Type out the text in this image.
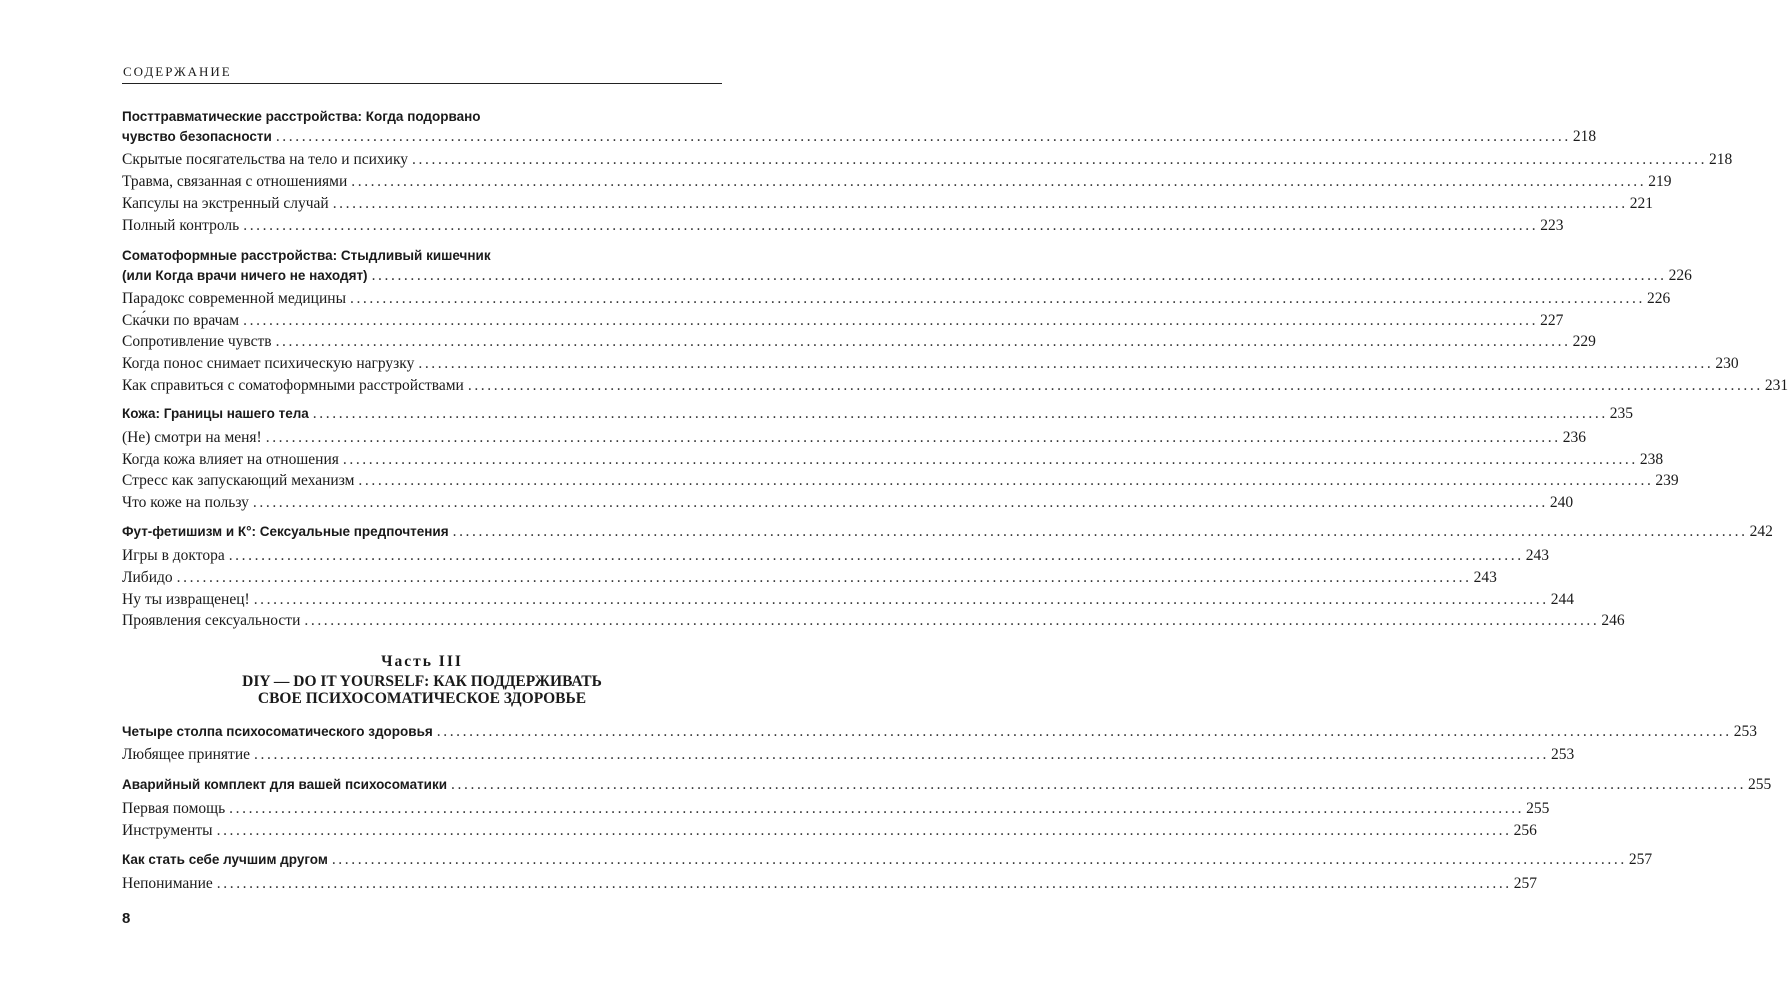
СОДЕРЖАНИЕ
Посттравматические расстройства: Когда подорвано
чувство безопасности ........................................................................................................................................................................................................ 218
Скрытые посягательства на тело и психику ........................................................................................................................................................................................................ 218
Травма, связанная с отношениями ........................................................................................................................................................................................................ 219
Капсулы на экстренный случай ........................................................................................................................................................................................................ 221
Полный контроль ........................................................................................................................................................................................................ 223
Соматоформные расстройства: Стыдливый кишечник
(или Когда врачи ничего не находят) ........................................................................................................................................................................................................ 226
Парадокс современной медицины ........................................................................................................................................................................................................ 226
Ска́чки по врачам ........................................................................................................................................................................................................ 227
Сопротивление чувств ........................................................................................................................................................................................................ 229
Когда понос снимает психическую нагрузку ........................................................................................................................................................................................................ 230
Как справиться с соматоформными расстройствами ........................................................................................................................................................................................................ 231
Кожа: Границы нашего тела ........................................................................................................................................................................................................ 235
(Не) смотри на меня! ........................................................................................................................................................................................................ 236
Когда кожа влияет на отношения ........................................................................................................................................................................................................ 238
Стресс как запускающий механизм ........................................................................................................................................................................................................ 239
Что коже на пользу ........................................................................................................................................................................................................ 240
Фут-фетишизм и К°: Сексуальные предпочтения ........................................................................................................................................................................................................ 242
Игры в доктора ........................................................................................................................................................................................................ 243
Либидо ........................................................................................................................................................................................................ 243
Ну ты извращенец! ........................................................................................................................................................................................................ 244
Проявления сексуальности ........................................................................................................................................................................................................ 246
Четыре столпа психосоматического здоровья ........................................................................................................................................................................................................ 253
Любящее принятие ........................................................................................................................................................................................................ 253
Аварийный комплект для вашей психосоматики ........................................................................................................................................................................................................ 255
Первая помощь ........................................................................................................................................................................................................ 255
Инструменты ........................................................................................................................................................................................................ 256
Как стать себе лучшим другом ........................................................................................................................................................................................................ 257
Непонимание ........................................................................................................................................................................................................ 257
Часть III
DIY — DO IT YOURSELF: КАК ПОДДЕРЖИВАТЬ
СВОЕ ПСИХОСОМАТИЧЕСКОЕ ЗДОРОВЬЕ
8
